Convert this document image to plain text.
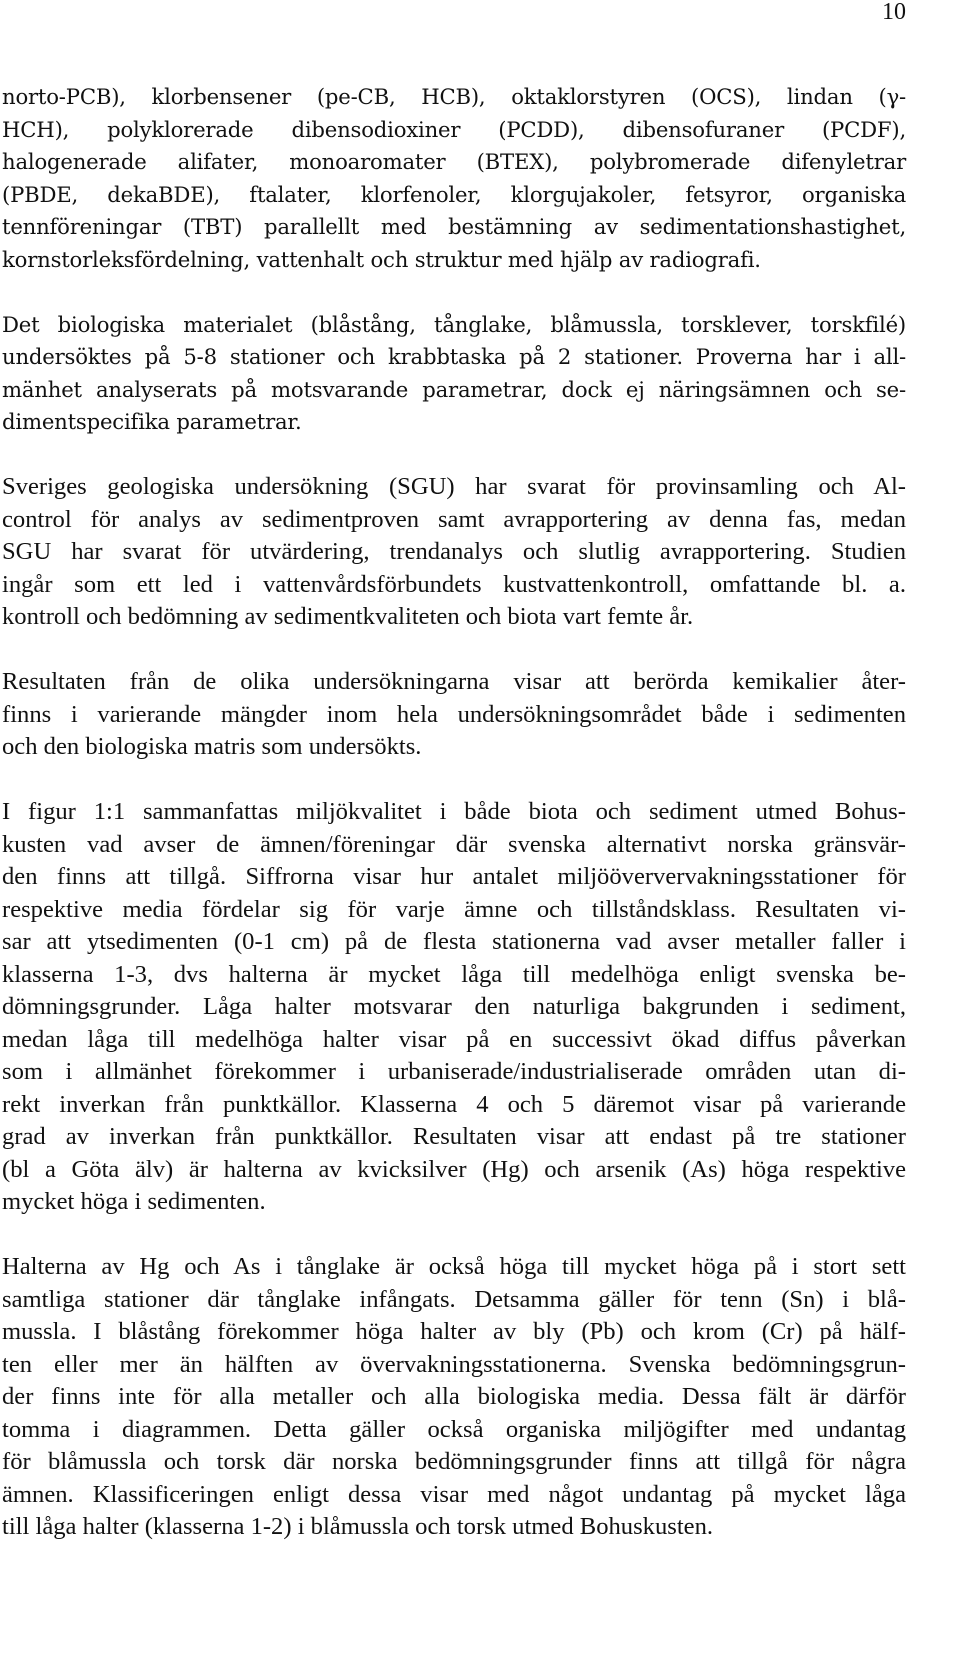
10

norto-PCB), klorbensener (pe-CB, HCB), oktaklorstyren (OCS), lindan (γ-
HCH), polyklorerade dibensodioxiner (PCDD), dibensofuraner (PCDF),
halogenerade alifater, monoaromater (BTEX), polybromerade difenyletrar
(PBDE, dekaBDE), ftalater, klorfenoler, klorgujakoler, fetsyror, organiska
tennföreningar (TBT) parallellt med bestämning av sedimentationshastighet,
kornstorleksfördelning, vattenhalt och struktur med hjälp av radiografi.

Det biologiska materialet (blåstång, tånglake, blåmussla, torsklever, torskfilé)
undersöktes på 5-8 stationer och krabbtaska på 2 stationer. Proverna har i all-
mänhet analyserats på motsvarande parametrar, dock ej näringsämnen och se-
dimentspecifika parametrar.

Sveriges geologiska undersökning (SGU) har svarat för provinsamling och Al-
control för analys av sedimentproven samt avrapportering av denna fas, medan
SGU har svarat för utvärdering, trendanalys och slutlig avrapportering. Studien
ingår som ett led i vattenvårdsförbundets kustvattenkontroll, omfattande bl. a.
kontroll och bedömning av sedimentkvaliteten och biota vart femte år.

Resultaten från de olika undersökningarna visar att berörda kemikalier åter-
finns i varierande mängder inom hela undersökningsområdet både i sedimenten
och den biologiska matris som undersökts.

I figur 1:1 sammanfattas miljökvalitet i både biota och sediment utmed Bohus-
kusten vad avser de ämnen/föreningar där svenska alternativt norska gränsvär-
den finns att tillgå. Siffrorna visar hur antalet miljööververvakningsstationer för
respektive media fördelar sig för varje ämne och tillståndsklass. Resultaten vi-
sar att ytsedimenten (0-1 cm) på de flesta stationerna vad avser metaller faller i
klasserna 1-3, dvs halterna är mycket låga till medelhöga enligt svenska be-
dömningsgrunder. Låga halter motsvarar den naturliga bakgrunden i sediment,
medan låga till medelhöga halter visar på en successivt ökad diffus påverkan
som i allmänhet förekommer i urbaniserade/industrialiserade områden utan di-
rekt inverkan från punktkällor. Klasserna 4 och 5 däremot visar på varierande
grad av inverkan från punktkällor. Resultaten visar att endast på tre stationer
(bl a Göta älv) är halterna av kvicksilver (Hg) och arsenik (As) höga respektive
mycket höga i sedimenten.

Halterna av Hg och As i tånglake är också höga till mycket höga på i stort sett
samtliga stationer där tånglake infångats. Detsamma gäller för tenn (Sn) i blå-
mussla. I blåstång förekommer höga halter av bly (Pb) och krom (Cr) på hälf-
ten eller mer än hälften av övervakningsstationerna. Svenska bedömningsgrun-
der finns inte för alla metaller och alla biologiska media. Dessa fält är därför
tomma i diagrammen. Detta gäller också organiska miljögifter med undantag
för blåmussla och torsk där norska bedömningsgrunder finns att tillgå för några
ämnen. Klassificeringen enligt dessa visar med något undantag på mycket låga
till låga halter (klasserna 1-2) i blåmussla och torsk utmed Bohuskusten.
